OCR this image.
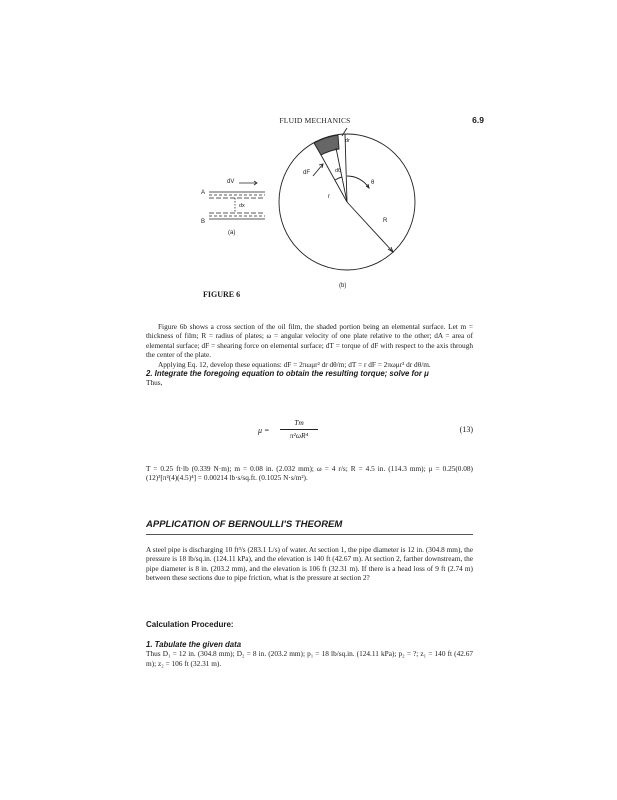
FLUID MECHANICS	6.9
dV
dx
A
B
(a)
dF	dθ
θ
r
dr
R
(b)
FIGURE 6

Figure 6b shows a cross section of the oil film, the shaded portion being an elemental surface. Let m = thickness of film; R = radius of plates; ω = angular velocity of one plate relative to the other; dA = area of elemental surface; dF = shearing force on elemental surface; dT = torque of dF with respect to the axis through the center of the plate.

Applying Eq. 12, develop these equations: dF = 2πωμr² dr dθ/m; dT = r dF = 2πωμr³ dr dθ/m.

2. Integrate the foregoing equation to obtain the resulting torque; solve for μ

Thus,

μ =
Tm
π²ωR⁴
(13)

T = 0.25 ft·lb (0.339 N·m); m = 0.08 in. (2.032 mm); ω = 4 r/s; R = 4.5 in. (114.3 mm); μ = 0.25(0.08)(12)³[π²(4)(4.5)⁴] = 0.00214 lb·s/sq.ft. (0.1025 N·s/m²).

APPLICATION OF BERNOULLI'S THEOREM

A steel pipe is discharging 10 ft³/s (283.1 L/s) of water. At section 1, the pipe diameter is 12 in. (304.8 mm), the pressure is 18 lb/sq.in. (124.11 kPa), and the elevation is 140 ft (42.67 m). At section 2, farther downstream, the pipe diameter is 8 in. (203.2 mm), and the elevation is 106 ft (32.31 m). If there is a head loss of 9 ft (2.74 m) between these sections due to pipe friction, what is the pressure at section 2?

Calculation Procedure:
1. Tabulate the given data

Thus D₁ = 12 in. (304.8 mm); D₂ = 8 in. (203.2 mm); p₁ = 18 lb/sq.in. (124.11 kPa); p₂ = ?; z₁ = 140 ft (42.67 m); z₂ = 106 ft (32.31 m).
